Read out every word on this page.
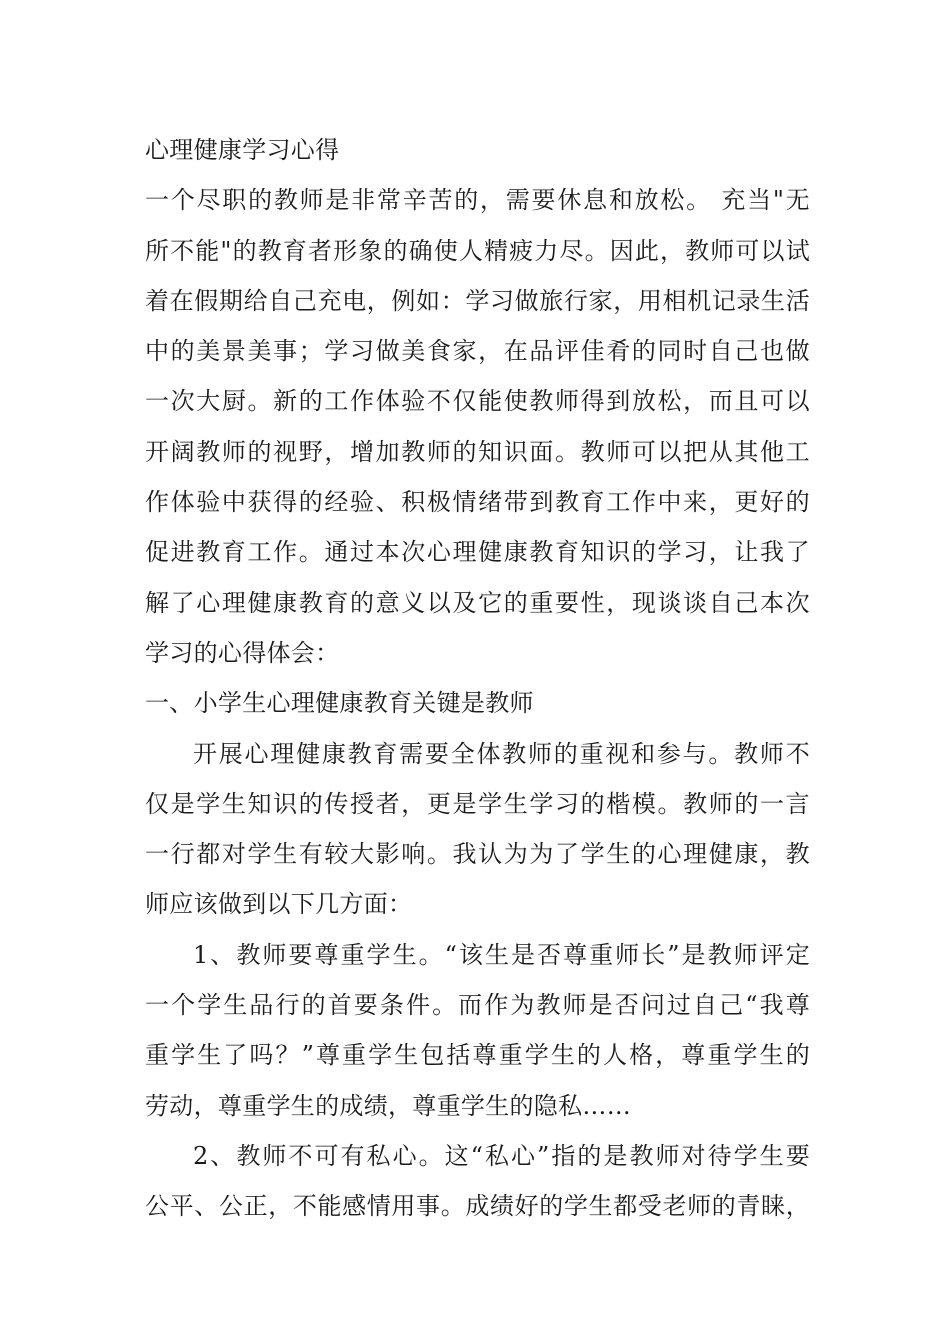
心理健康学习心得
一个尽职的教师是非常辛苦的，需要休息和放松。 充当"无
所不能"的教育者形象的确使人精疲力尽。因此，教师可以试
着在假期给自己充电，例如：学习做旅行家，用相机记录生活
中的美景美事；学习做美食家，在品评佳肴的同时自己也做
一次大厨。新的工作体验不仅能使教师得到放松，而且可以
开阔教师的视野，增加教师的知识面。教师可以把从其他工
作体验中获得的经验、积极情绪带到教育工作中来，更好的
促进教育工作。通过本次心理健康教育知识的学习，让我了
解了心理健康教育的意义以及它的重要性，现谈谈自己本次
学习的心得体会：
一、小学生心理健康教育关键是教师
开展心理健康教育需要全体教师的重视和参与。教师不
仅是学生知识的传授者，更是学生学习的楷模。教师的一言
一行都对学生有较大影响。我认为为了学生的心理健康，教
师应该做到以下几方面：
1、教师要尊重学生。“该生是否尊重师长”是教师评定
一个学生品行的首要条件。而作为教师是否问过自己“我尊
重学生了吗？”尊重学生包括尊重学生的人格，尊重学生的
劳动，尊重学生的成绩，尊重学生的隐私……
2、教师不可有私心。这“私心”指的是教师对待学生要
公平、公正，不能感情用事。成绩好的学生都受老师的青睐，
